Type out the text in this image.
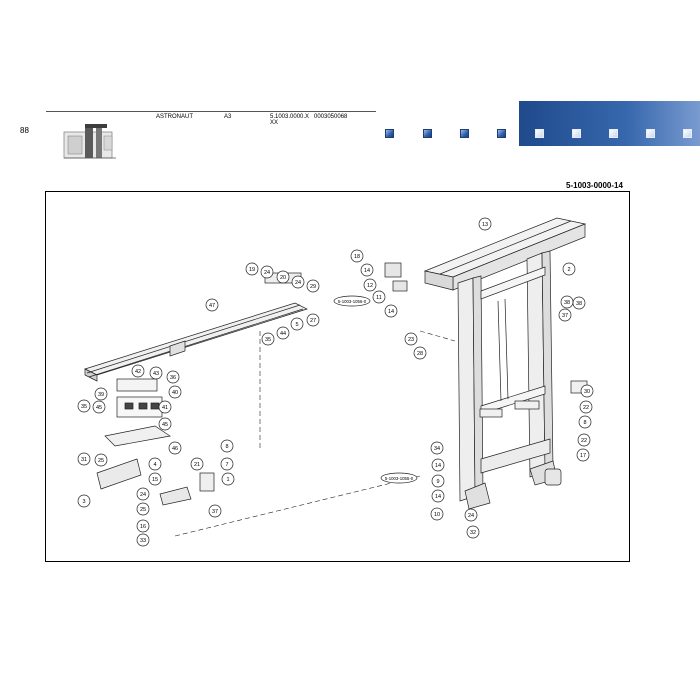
88
ASTRONAUT	A3	5.1003.0000.X 0003050068
XX
5-1003-0000-14
13
18
14
12
11
14
19 24
20
24
29
47
5
27
44
35
2
38
37
38
23
28
42 43
36
35
39	40
45	41
45
46
30
22
8
22
17
34
14
9
14
10	24
32
31 25
3
4
15
24
25
16
33
21
8
7
1
37
5-1003-1056-0
5-1003-1055-0
